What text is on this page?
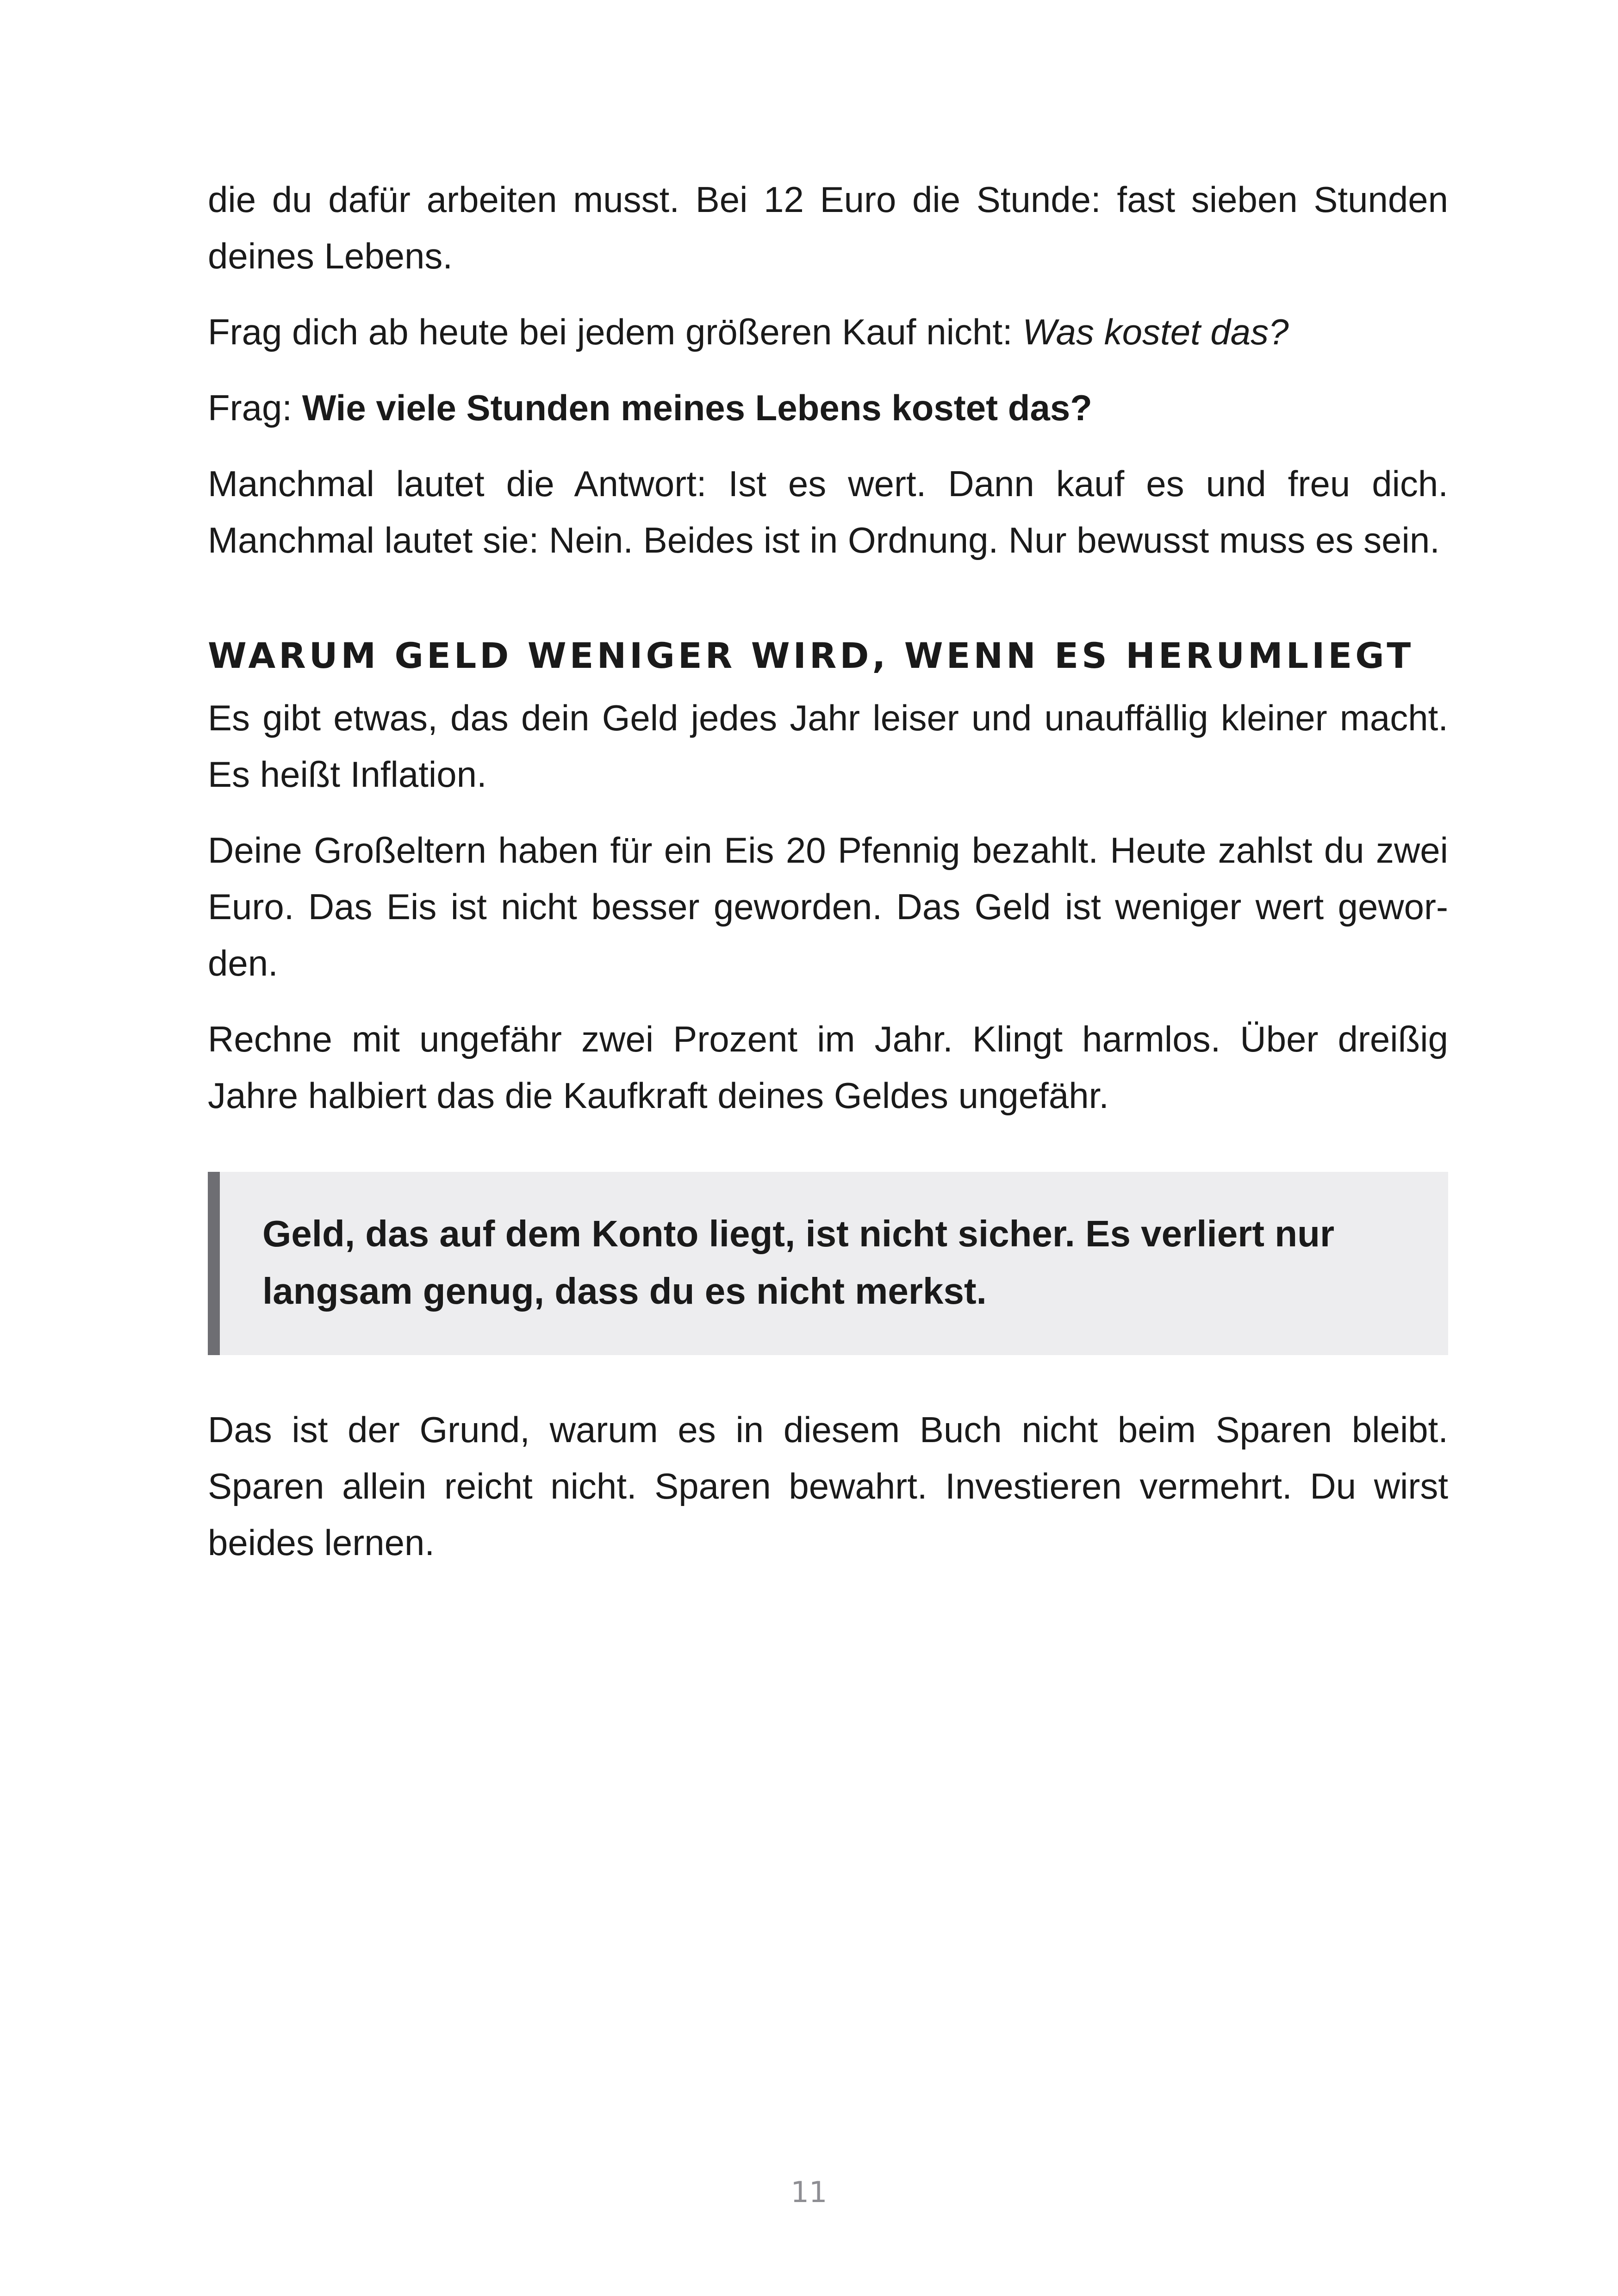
die du dafür arbeiten musst. Bei 12 Euro die Stunde: fast sieben Stunden deines Lebens.

Frag dich ab heute bei jedem größeren Kauf nicht: Was kostet das?

Frag: Wie viele Stunden meines Lebens kostet das?

Manchmal lautet die Antwort: Ist es wert. Dann kauf es und freu dich. Manchmal lautet sie: Nein. Beides ist in Ordnung. Nur bewusst muss es sein.

WARUM GELD WENIGER WIRD, WENN ES HERUMLIEGT

Es gibt etwas, das dein Geld jedes Jahr leiser und unauffällig kleiner macht. Es heißt Inflation.

Deine Großeltern haben für ein Eis 20 Pfennig bezahlt. Heute zahlst du zwei Euro. Das Eis ist nicht besser geworden. Das Geld ist weniger wert geworden.

Rechne mit ungefähr zwei Prozent im Jahr. Klingt harmlos. Über dreißig Jahre halbiert das die Kaufkraft deines Geldes ungefähr.

Geld, das auf dem Konto liegt, ist nicht sicher. Es verliert nur langsam genug, dass du es nicht merkst.

Das ist der Grund, warum es in diesem Buch nicht beim Sparen bleibt. Sparen allein reicht nicht. Sparen bewahrt. Investieren vermehrt. Du wirst beides lernen.

11
